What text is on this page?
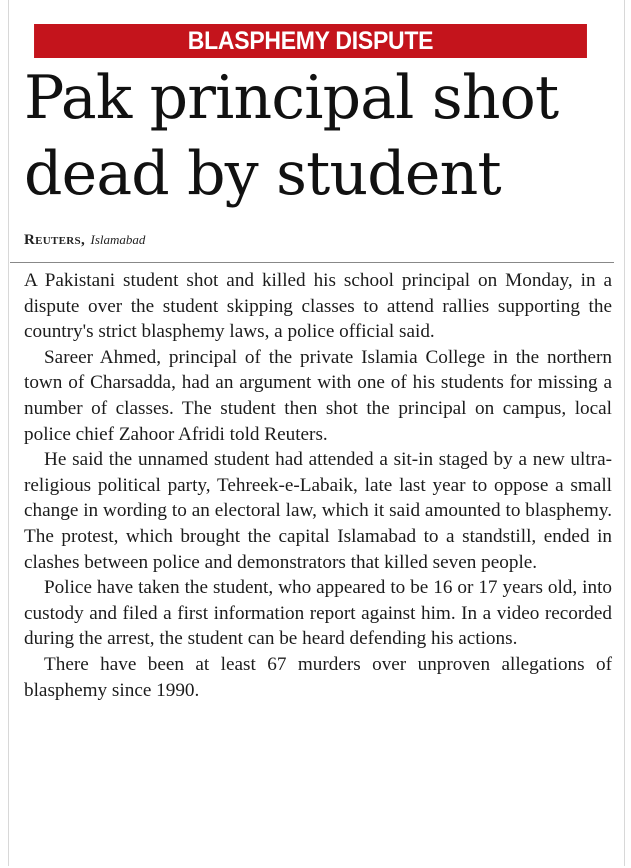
BLASPHEMY DISPUTE
Pak principal shot
dead by student
Reuters, Islamabad

A Pakistani student shot and killed his school principal on Monday, in a dispute over the student skipping classes to attend rallies supporting the country's strict blasphemy laws, a police official said.

Sareer Ahmed, principal of the private Islamia College in the northern town of Charsadda, had an argument with one of his students for missing a number of classes. The student then shot the principal on campus, local police chief Zahoor Afridi told Reuters.

He said the unnamed student had attended a sit-in staged by a new ultra-religious political party, Tehreek-e-Labaik, late last year to oppose a small change in wording to an electoral law, which it said amounted to blasphemy. The protest, which brought the capital Islamabad to a standstill, ended in clashes between police and demonstrators that killed seven people.

Police have taken the student, who appeared to be 16 or 17 years old, into custody and filed a first information report against him. In a video recorded during the arrest, the student can be heard defending his actions.

There have been at least 67 murders over unproven allegations of blasphemy since 1990.
